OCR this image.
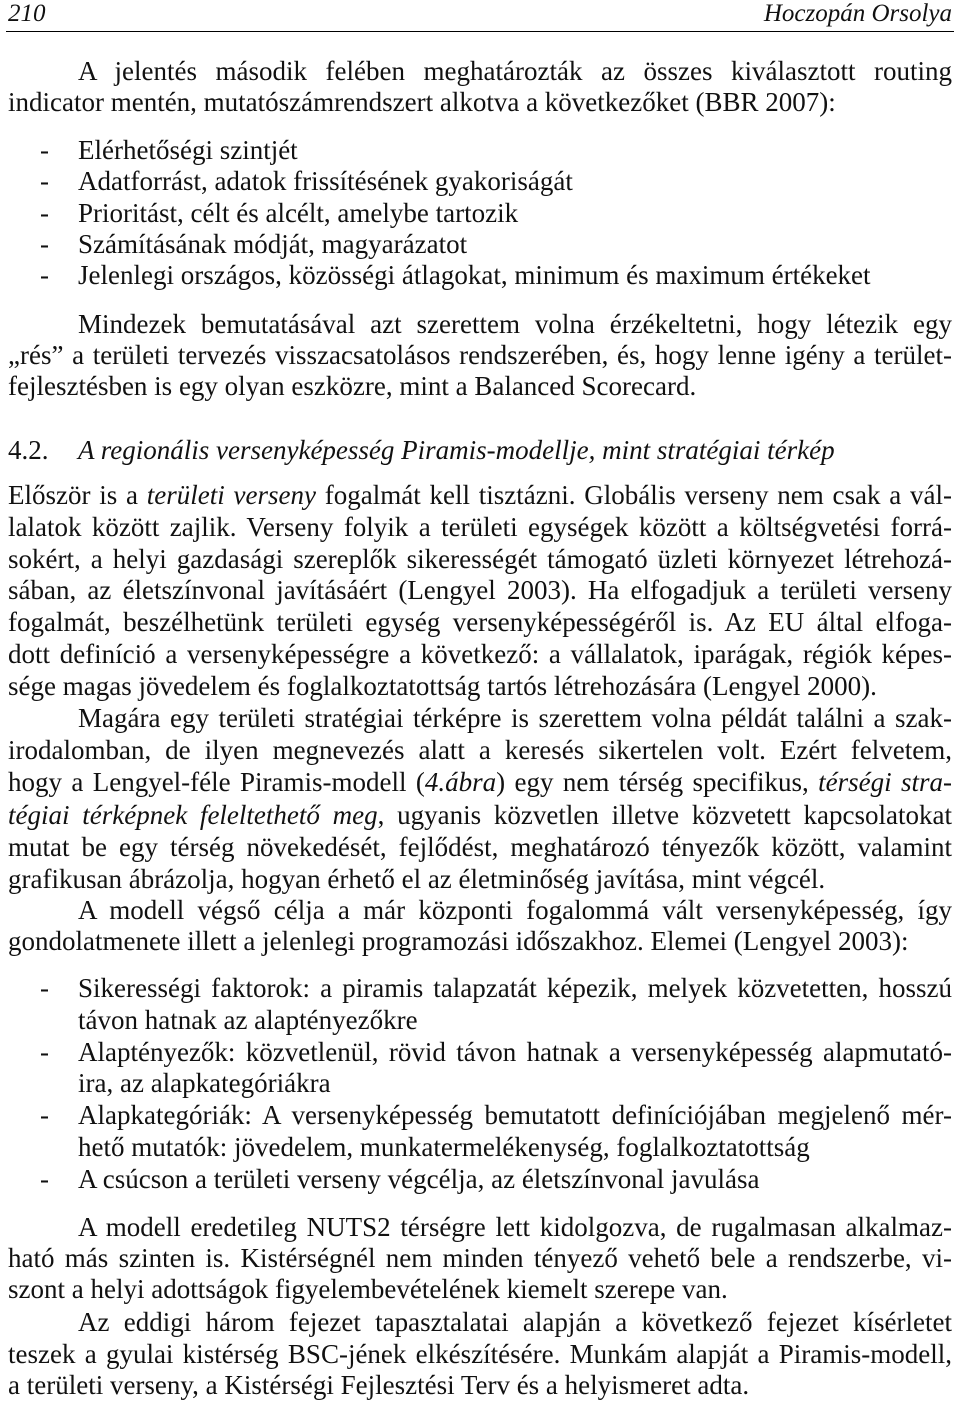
210	Hoczopán Orsolya
A jelentés második felében meghatározták az összes kiválasztott routing
indicator mentén, mutatószámrendszert alkotva a következőket (BBR 2007):
- Elérhetőségi szintjét
- Adatforrást, adatok frissítésének gyakoriságát
- Prioritást, célt és alcélt, amelybe tartozik
- Számításának módját, magyarázatot
- Jelenlegi országos, közösségi átlagokat, minimum és maximum értékeket
Mindezek bemutatásával azt szerettem volna érzékeltetni, hogy létezik egy
„rés” a területi tervezés visszacsatolásos rendszerében, és, hogy lenne igény a terület-
fejlesztésben is egy olyan eszközre, mint a Balanced Scorecard.
4.2. A regionális versenyképesség Piramis-modellje, mint stratégiai térkép
Először is a területi verseny fogalmát kell tisztázni. Globális verseny nem csak a vál-
lalatok között zajlik. Verseny folyik a területi egységek között a költségvetési forrá-
sokért, a helyi gazdasági szereplők sikerességét támogató üzleti környezet létrehozá-
sában, az életszínvonal javításáért (Lengyel 2003). Ha elfogadjuk a területi verseny
fogalmát, beszélhetünk területi egység versenyképességéről is. Az EU által elfoga-
dott definíció a versenyképességre a következő: a vállalatok, iparágak, régiók képes-
sége magas jövedelem és foglalkoztatottság tartós létrehozására (Lengyel 2000).
Magára egy területi stratégiai térképre is szerettem volna példát találni a szak-
irodalomban, de ilyen megnevezés alatt a keresés sikertelen volt. Ezért felvetem,
hogy a Lengyel-féle Piramis-modell (4.ábra) egy nem térség specifikus, térségi stra-
tégiai térképnek feleltethető meg, ugyanis közvetlen illetve közvetett kapcsolatokat
mutat be egy térség növekedését, fejlődést, meghatározó tényezők között, valamint
grafikusan ábrázolja, hogyan érhető el az életminőség javítása, mint végcél.
A modell végső célja a már központi fogalommá vált versenyképesség, így
gondolatmenete illett a jelenlegi programozási időszakhoz. Elemei (Lengyel 2003):
- Sikerességi faktorok: a piramis talapzatát képezik, melyek közvetetten, hosszú
távon hatnak az alaptényezőkre
- Alaptényezők: közvetlenül, rövid távon hatnak a versenyképesség alapmutató-
ira, az alapkategóriákra
- Alapkategóriák: A versenyképesség bemutatott definíciójában megjelenő mér-
hető mutatók: jövedelem, munkatermelékenység, foglalkoztatottság
- A csúcson a területi verseny végcélja, az életszínvonal javulása
A modell eredetileg NUTS2 térségre lett kidolgozva, de rugalmasan alkalmaz-
ható más szinten is. Kistérségnél nem minden tényező vehető bele a rendszerbe, vi-
szont a helyi adottságok figyelembevételének kiemelt szerepe van.
Az eddigi három fejezet tapasztalatai alapján a következő fejezet kísérletet
teszek a gyulai kistérség BSC-jének elkészítésére. Munkám alapját a Piramis-modell,
a területi verseny, a Kistérségi Fejlesztési Terv és a helyismeret adta.
